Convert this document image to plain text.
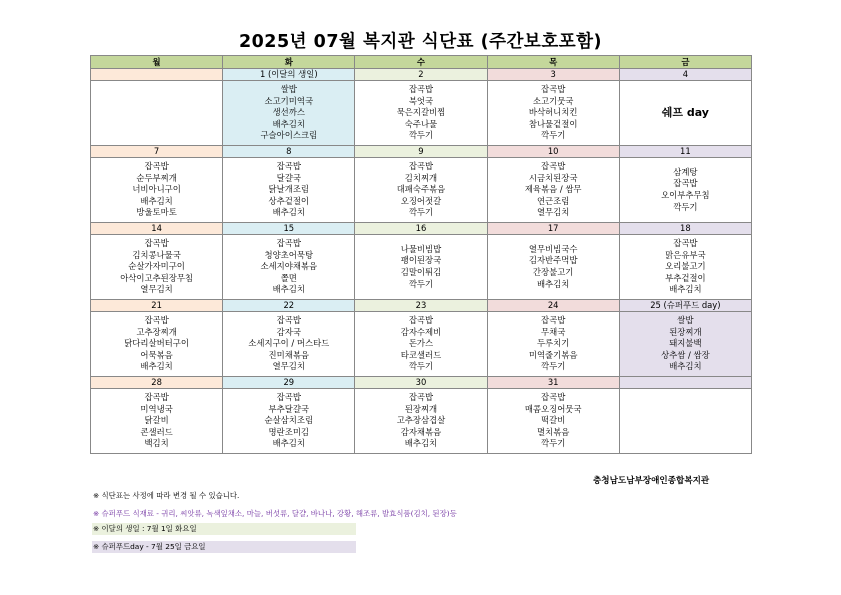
2025년 07월 복지관 식단표 (주간보호포함)
월	화	수	목	금
	1 (이달의 생일)	2	3	4

	쌀밥
소고기미역국
생선까스
배추김치
구슬아이스크림	잡곡밥
북엇국
묵은지갈비찜
숙주나물
깍두기	잡곡밥
소고기뭇국
바삭허니치킨
참나물겉절이
깍두기	쉐프 day

7	8	9	10	11

잡곡밥
순두부찌개
너비아니구이
배추김치
방울토마토	잡곡밥
달걀국
닭날개조림
상추겉절이
배추김치	잡곡밥
김치찌개
대패숙주볶음
오징어젓갈
깍두기	잡곡밥
시금치된장국
제육볶음 / 쌈무
연근조림
열무김치	삼계탕
잡곡밥
오이부추무침
깍두기

14	15	16	17	18

잡곡밥
김치콩나물국
순살가자미구이
아삭이고추된장무침
열무김치	잡곡밥
청양초어묵탕
소세지야채볶음
쫄면
배추김치	나물비빔밥
팽이된장국
김말이튀김
깍두기	열무비빔국수
김자반주먹밥
간장불고기
배추김치	잡곡밥
맑은유부국
오리불고기
부추겉절이
배추김치

21	22	23	24	25 (슈퍼푸드 day)

잡곡밥
고추장찌개
닭다리살버터구이
어묵볶음
배추김치	잡곡밥
감자국
소세지구이 / 머스타드
진미채볶음
열무김치	잡곡밥
감자수제비
돈가스
타코샐러드
깍두기	잡곡밥
무채국
두루치기
미역줄기볶음
깍두기	쌀밥
된장찌개
돼지불백
상추쌈 / 쌈장
배추김치

28	29	30	31	

잡곡밥
미역냉국
닭갈비
콘샐러드
백김치	잡곡밥
부추달걀국
순살삼치조림
명란조미김
배추김치	잡곡밥
된장찌개
고추장삼겹살
감자채볶음
배추김치	잡곡밥
매콤오징어뭇국
떡갈비
멸치볶음
깍두기	

충청남도남부장애인종합복지관
※ 식단표는 사정에 따라 변경 될 수 있습니다.
※ 슈퍼푸드 식재료 - 귀리, 씨앗류, 녹색잎채소, 마늘, 버섯류, 달걀, 바나나, 강황, 해조류, 발효식품(김치, 된장)등
※ 이달의 생일 : 7월 1일 화요일
※ 슈퍼푸드day - 7월 25일 금요일
